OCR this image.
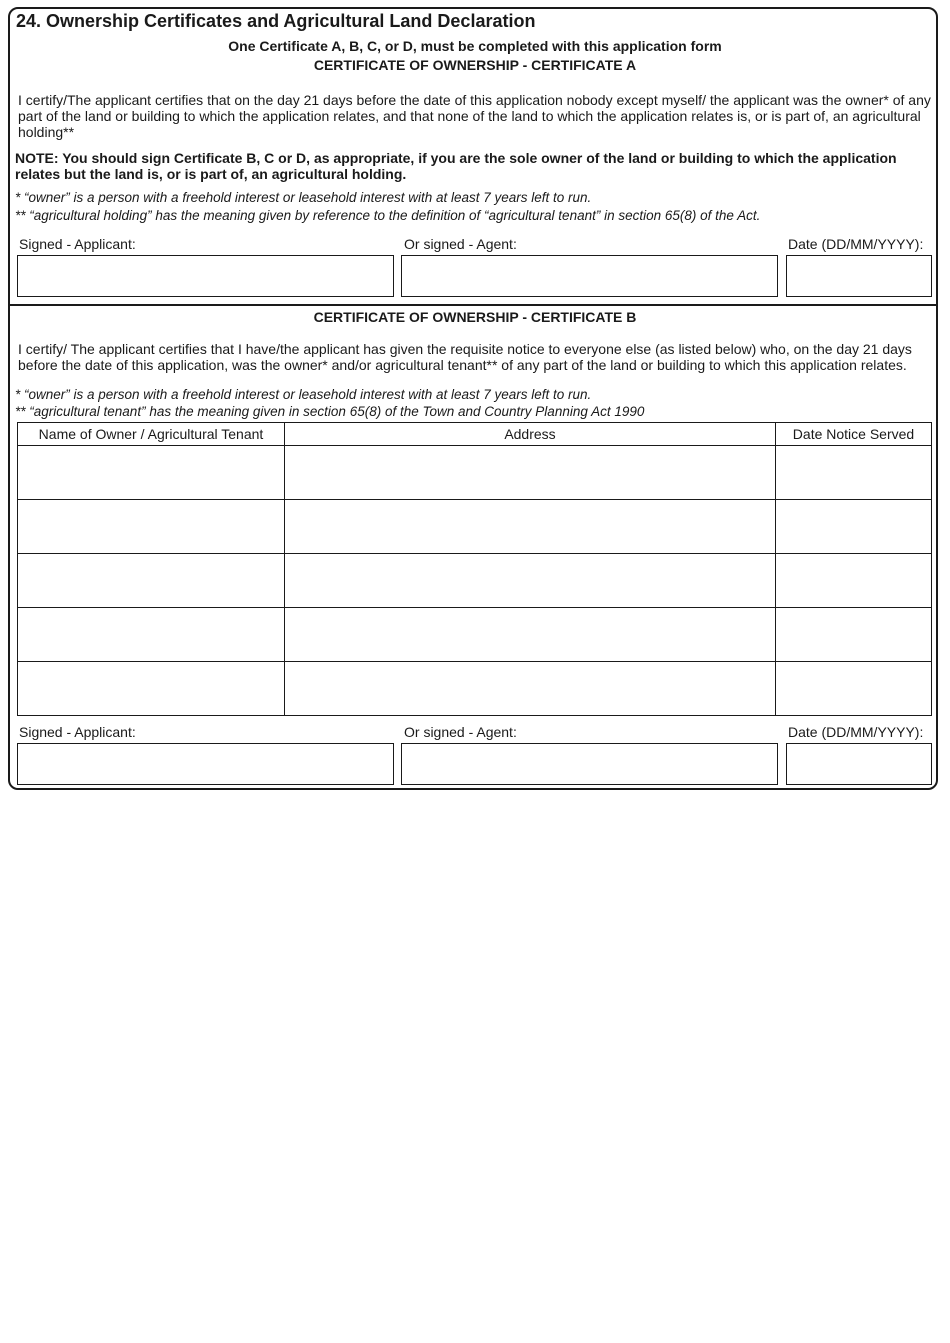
24. Ownership Certificates and Agricultural Land Declaration
One Certificate A, B, C, or D, must be completed with this application form
CERTIFICATE OF OWNERSHIP - CERTIFICATE A
I certify/The applicant certifies that on the day 21 days before the date of this application nobody except myself/ the applicant was the owner* of any part of the land or building to which the application relates, and that none of the land to which the application relates is, or is part of, an agricultural holding**
NOTE: You should sign Certificate B, C or D, as appropriate, if you are the sole owner of the land or building to which the application relates but the land is, or is part of, an agricultural holding.
* “owner” is a person with a freehold interest or leasehold interest with at least 7 years left to run.
** “agricultural holding” has the meaning given by reference to the definition of “agricultural tenant” in section 65(8) of the Act.
Signed - Applicant:	Or signed - Agent:	Date (DD/MM/YYYY):
CERTIFICATE OF OWNERSHIP - CERTIFICATE B
I certify/ The applicant certifies that I have/the applicant has given the requisite notice to everyone else (as listed below) who, on the day 21 days before the date of this application, was the owner* and/or agricultural tenant** of any part of the land or building to which this application relates.
* “owner” is a person with a freehold interest or leasehold interest with at least 7 years left to run.
** “agricultural tenant” has the meaning given in section 65(8) of the Town and Country Planning Act 1990
Name of Owner / Agricultural Tenant	Address	Date Notice Served

Signed - Applicant:	Or signed - Agent:	Date (DD/MM/YYYY):
